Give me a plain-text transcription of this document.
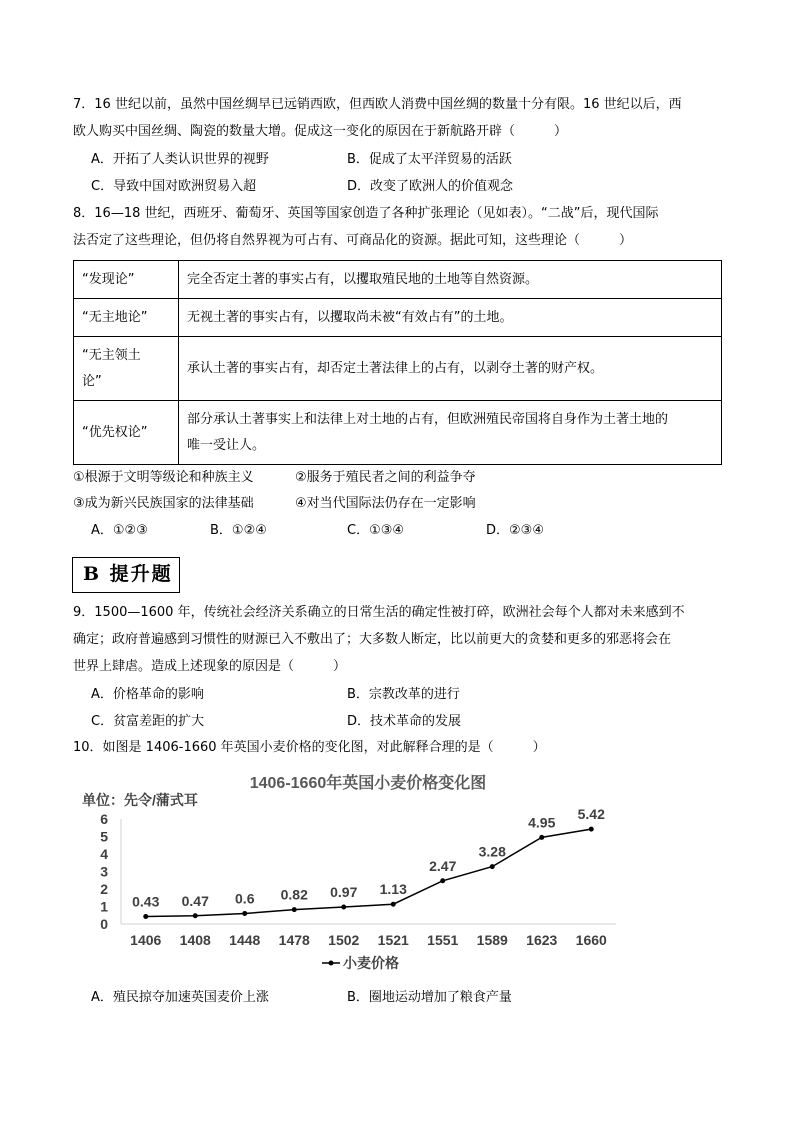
7．16 世纪以前，虽然中国丝绸早已远销西欧，但西欧人消费中国丝绸的数量十分有限。16 世纪以后，西
欧人购买中国丝绸、陶瓷的数量大增。促成这一变化的原因在于新航路开辟（　　　）
A．开拓了人类认识世界的视野	B．促成了太平洋贸易的活跃
C．导致中国对欧洲贸易入超	D．改变了欧洲人的价值观念
8．16—18 世纪，西班牙、葡萄牙、英国等国家创造了各种扩张理论（见如表）。“二战”后，现代国际
法否定了这些理论，但仍将自然界视为可占有、可商品化的资源。据此可知，这些理论（　　　）
“发现论”	完全否定土著的事实占有，以攫取殖民地的土地等自然资源。
“无主地论”	无视土著的事实占有，以攫取尚未被“有效占有”的土地。
“无主领土
论”	承认土著的事实占有，却否定土著法律上的占有，以剥夺土著的财产权。
“优先权论”	部分承认土著事实上和法律上对土地的占有，但欧洲殖民帝国将自身作为土著土地的
唯一受让人。
①根源于文明等级论和种族主义	②服务于殖民者之间的利益争夺
③成为新兴民族国家的法律基础	④对当代国际法仍存在一定影响
A．①②③	B．①②④	C．①③④	D．②③④
B 提升题
9．1500—1600 年，传统社会经济关系确立的日常生活的确定性被打碎，欧洲社会每个人都对未来感到不
确定；政府普遍感到习惯性的财源已入不敷出了；大多数人断定，比以前更大的贪婪和更多的邪恶将会在
世界上肆虐。造成上述现象的原因是（　　　）
A．价格革命的影响	B．宗教改革的进行
C．贫富差距的扩大	D．技术革命的发展
10．如图是 1406-1660 年英国小麦价格的变化图，对此解释合理的是（　　　）
1406-1660年英国小麦价格变化图
单位：先令/蒲式耳
0
1
2
3
4
5
6
1406 1408 1448 1478 1502 1521 1551 1589 1623 1660
0.43 0.47 0.6 0.82 0.97 1.13
2.47
3.28
4.95
5.42
小麦价格
A．殖民掠夺加速英国麦价上涨	B．圈地运动增加了粮食产量
